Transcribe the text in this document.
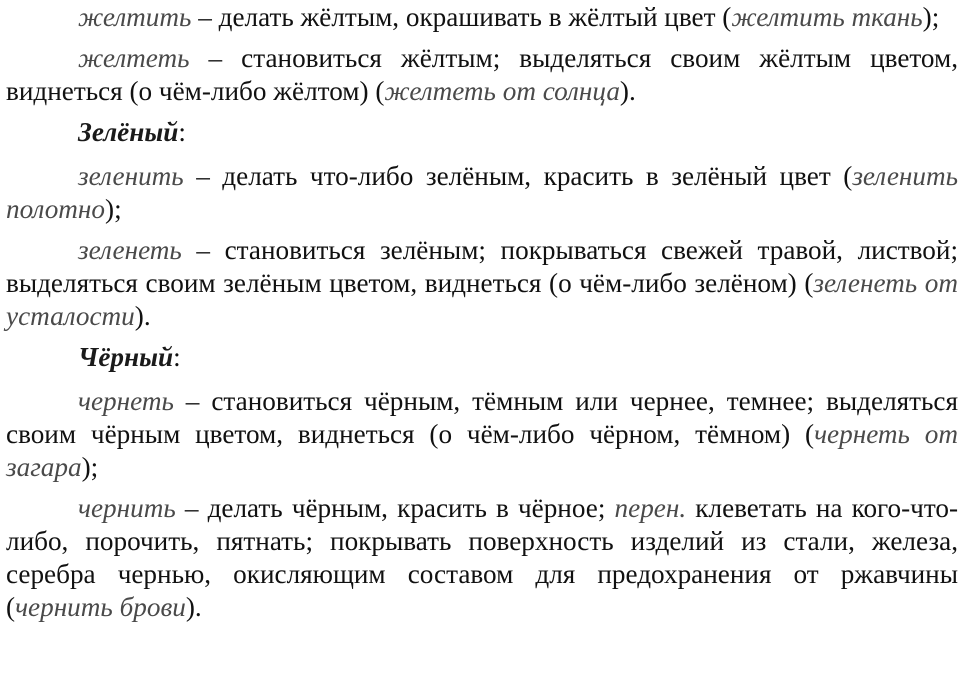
желтить – делать жёлтым, окрашивать в жёлтый цвет (желтить ткань);

желтеть – становиться жёлтым; выделяться своим жёлтым цветом, виднеться (о чём-либо жёлтом) (желтеть от солнца).

Зелёный:

зеленить – делать что-либо зелёным, красить в зелёный цвет (зеленить полотно);

зеленеть – становиться зелёным; покрываться свежей травой, листвой; выделяться своим зелёным цветом, виднеться (о чём-либо зелёном) (зеленеть от усталости).

Чёрный:

чернеть – становиться чёрным, тёмным или чернее, темнее; выделяться своим чёрным цветом, виднеться (о чём-либо чёрном, тёмном) (чернеть от загара);

чернить – делать чёрным, красить в чёрное; перен. клеветать на кого-что-либо, порочить, пятнать; покрывать поверхность изделий из стали, железа, серебра чернью, окисляющим составом для предохранения от ржавчины (чернить брови).
